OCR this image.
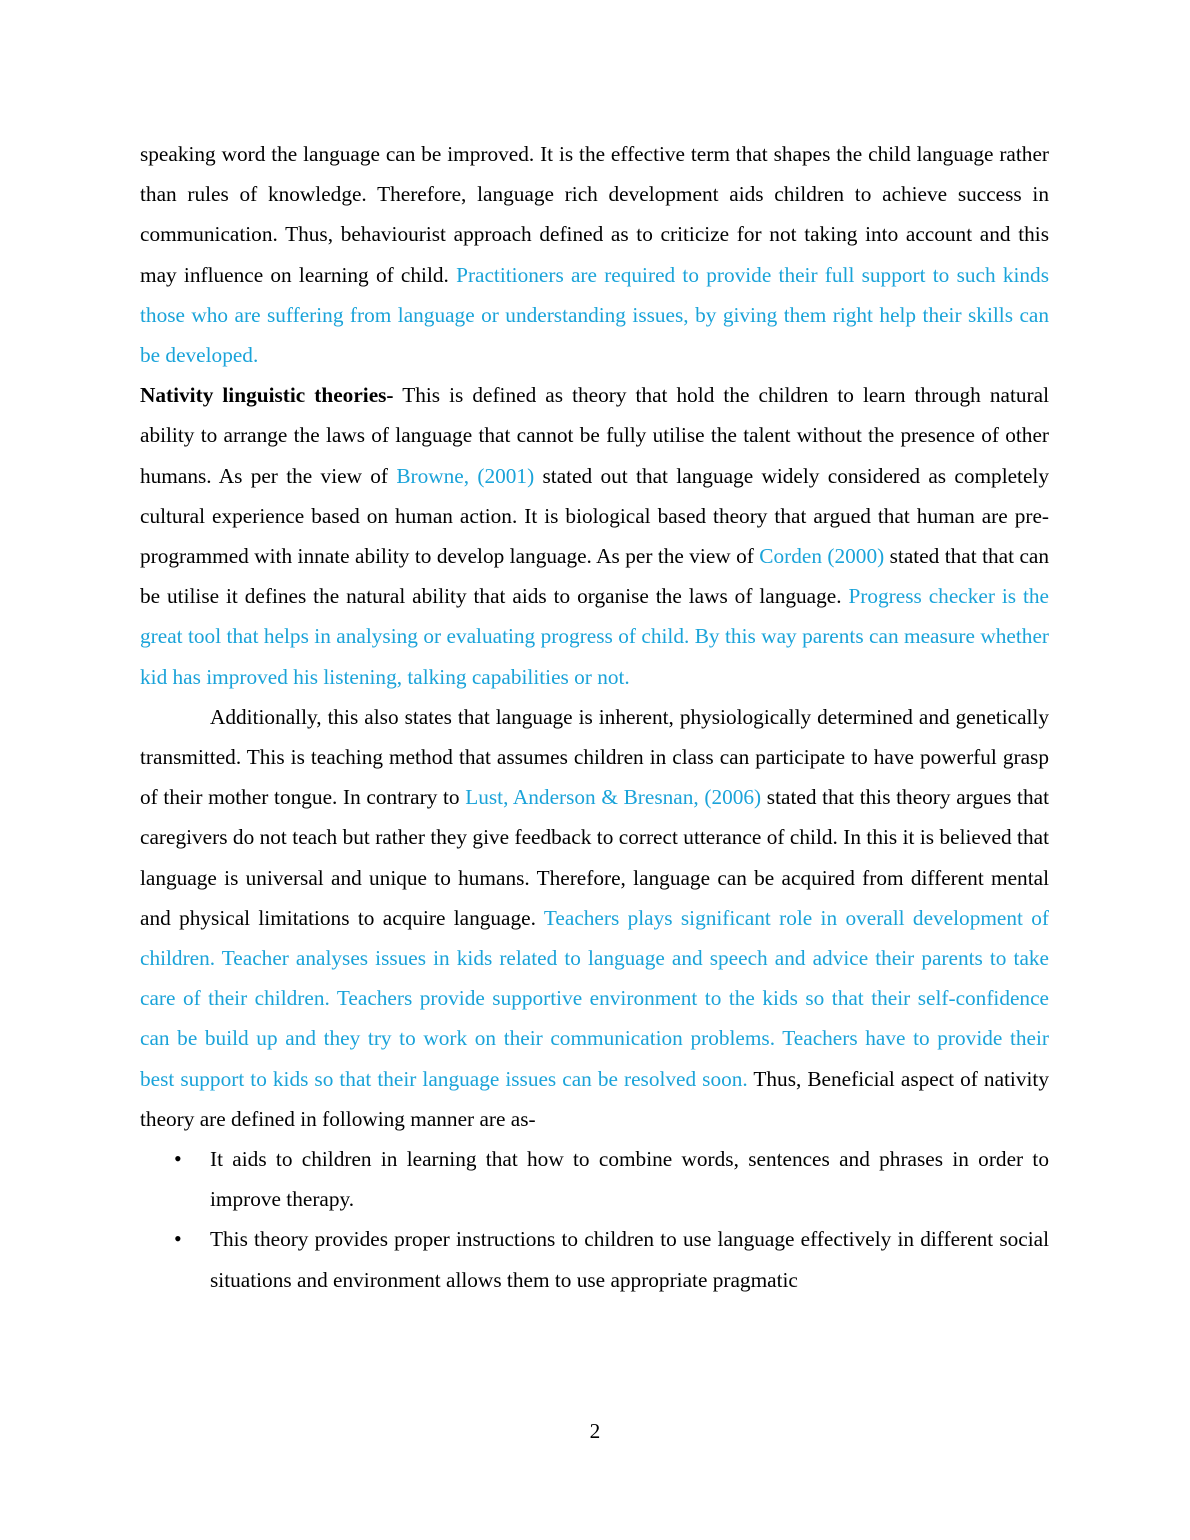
speaking word the language can be improved. It is the effective term that shapes the child language rather than rules of knowledge. Therefore, language rich development aids children to achieve success in communication. Thus, behaviourist approach defined as to criticize for not taking into account and this may influence on learning of child. Practitioners are required to provide their full support to such kinds those who are suffering from language or understanding issues, by giving them right help their skills can be developed.

Nativity linguistic theories- This is defined as theory that hold the children to learn through natural ability to arrange the laws of language that cannot be fully utilise the talent without the presence of other humans. As per the view of Browne, (2001) stated out that language widely considered as completely cultural experience based on human action. It is biological based theory that argued that human are pre-programmed with innate ability to develop language. As per the view of Corden (2000) stated that that can be utilise it defines the natural ability that aids to organise the laws of language. Progress checker is the great tool that helps in analysing or evaluating progress of child. By this way parents can measure whether kid has improved his listening, talking capabilities or not.

Additionally, this also states that language is inherent, physiologically determined and genetically transmitted. This is teaching method that assumes children in class can participate to have powerful grasp of their mother tongue. In contrary to Lust, Anderson & Bresnan, (2006) stated that this theory argues that caregivers do not teach but rather they give feedback to correct utterance of child. In this it is believed that language is universal and unique to humans. Therefore, language can be acquired from different mental and physical limitations to acquire language. Teachers plays significant role in overall development of children. Teacher analyses issues in kids related to language and speech and advice their parents to take care of their children. Teachers provide supportive environment to the kids so that their self-confidence can be build up and they try to work on their communication problems. Teachers have to provide their best support to kids so that their language issues can be resolved soon. Thus, Beneficial aspect of nativity theory are defined in following manner are as-

• It aids to children in learning that how to combine words, sentences and phrases in order to improve therapy.
• This theory provides proper instructions to children to use language effectively in different social situations and environment allows them to use appropriate pragmatic
2
